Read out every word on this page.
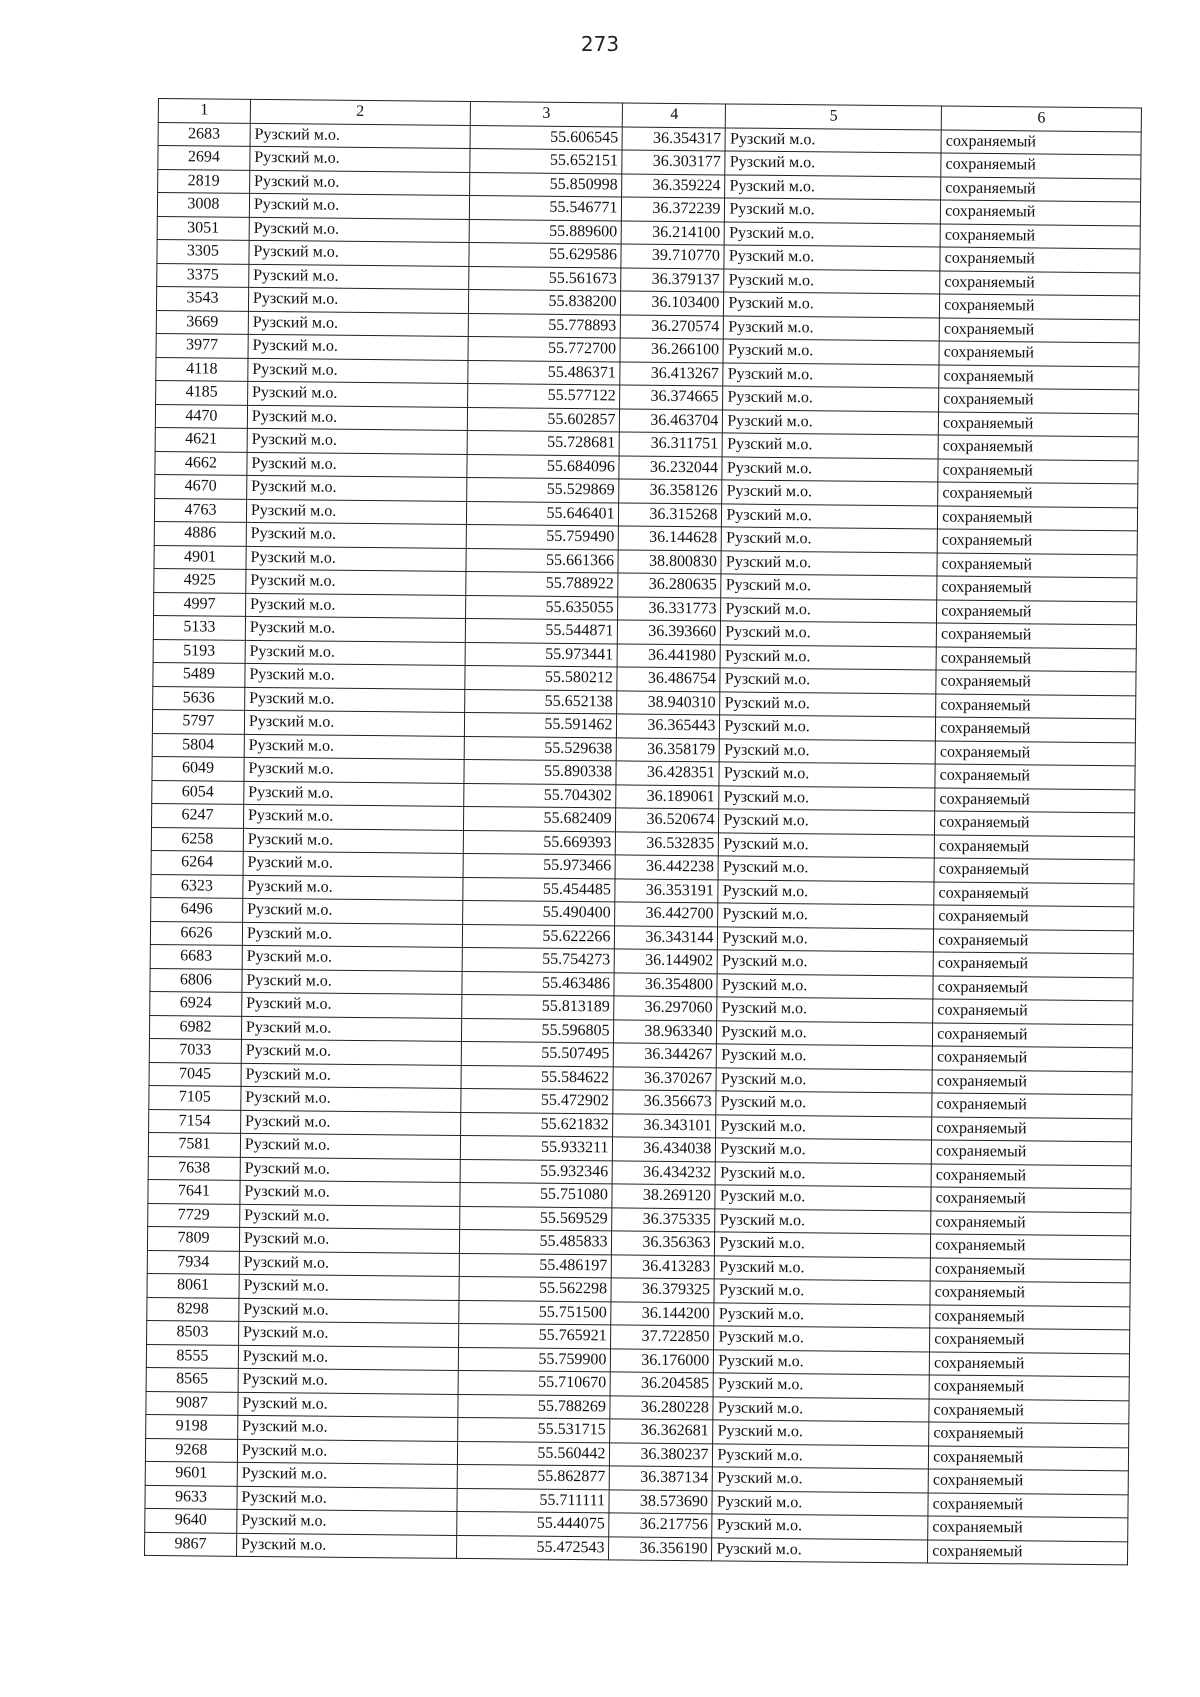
273
1	2	3	4	5	6
2683	Рузский м.о.	55.606545	36.354317	Рузский м.о.	сохраняемый
2694	Рузский м.о.	55.652151	36.303177	Рузский м.о.	сохраняемый
2819	Рузский м.о.	55.850998	36.359224	Рузский м.о.	сохраняемый
3008	Рузский м.о.	55.546771	36.372239	Рузский м.о.	сохраняемый
3051	Рузский м.о.	55.889600	36.214100	Рузский м.о.	сохраняемый
3305	Рузский м.о.	55.629586	39.710770	Рузский м.о.	сохраняемый
3375	Рузский м.о.	55.561673	36.379137	Рузский м.о.	сохраняемый
3543	Рузский м.о.	55.838200	36.103400	Рузский м.о.	сохраняемый
3669	Рузский м.о.	55.778893	36.270574	Рузский м.о.	сохраняемый
3977	Рузский м.о.	55.772700	36.266100	Рузский м.о.	сохраняемый
4118	Рузский м.о.	55.486371	36.413267	Рузский м.о.	сохраняемый
4185	Рузский м.о.	55.577122	36.374665	Рузский м.о.	сохраняемый
4470	Рузский м.о.	55.602857	36.463704	Рузский м.о.	сохраняемый
4621	Рузский м.о.	55.728681	36.311751	Рузский м.о.	сохраняемый
4662	Рузский м.о.	55.684096	36.232044	Рузский м.о.	сохраняемый
4670	Рузский м.о.	55.529869	36.358126	Рузский м.о.	сохраняемый
4763	Рузский м.о.	55.646401	36.315268	Рузский м.о.	сохраняемый
4886	Рузский м.о.	55.759490	36.144628	Рузский м.о.	сохраняемый
4901	Рузский м.о.	55.661366	38.800830	Рузский м.о.	сохраняемый
4925	Рузский м.о.	55.788922	36.280635	Рузский м.о.	сохраняемый
4997	Рузский м.о.	55.635055	36.331773	Рузский м.о.	сохраняемый
5133	Рузский м.о.	55.544871	36.393660	Рузский м.о.	сохраняемый
5193	Рузский м.о.	55.973441	36.441980	Рузский м.о.	сохраняемый
5489	Рузский м.о.	55.580212	36.486754	Рузский м.о.	сохраняемый
5636	Рузский м.о.	55.652138	38.940310	Рузский м.о.	сохраняемый
5797	Рузский м.о.	55.591462	36.365443	Рузский м.о.	сохраняемый
5804	Рузский м.о.	55.529638	36.358179	Рузский м.о.	сохраняемый
6049	Рузский м.о.	55.890338	36.428351	Рузский м.о.	сохраняемый
6054	Рузский м.о.	55.704302	36.189061	Рузский м.о.	сохраняемый
6247	Рузский м.о.	55.682409	36.520674	Рузский м.о.	сохраняемый
6258	Рузский м.о.	55.669393	36.532835	Рузский м.о.	сохраняемый
6264	Рузский м.о.	55.973466	36.442238	Рузский м.о.	сохраняемый
6323	Рузский м.о.	55.454485	36.353191	Рузский м.о.	сохраняемый
6496	Рузский м.о.	55.490400	36.442700	Рузский м.о.	сохраняемый
6626	Рузский м.о.	55.622266	36.343144	Рузский м.о.	сохраняемый
6683	Рузский м.о.	55.754273	36.144902	Рузский м.о.	сохраняемый
6806	Рузский м.о.	55.463486	36.354800	Рузский м.о.	сохраняемый
6924	Рузский м.о.	55.813189	36.297060	Рузский м.о.	сохраняемый
6982	Рузский м.о.	55.596805	38.963340	Рузский м.о.	сохраняемый
7033	Рузский м.о.	55.507495	36.344267	Рузский м.о.	сохраняемый
7045	Рузский м.о.	55.584622	36.370267	Рузский м.о.	сохраняемый
7105	Рузский м.о.	55.472902	36.356673	Рузский м.о.	сохраняемый
7154	Рузский м.о.	55.621832	36.343101	Рузский м.о.	сохраняемый
7581	Рузский м.о.	55.933211	36.434038	Рузский м.о.	сохраняемый
7638	Рузский м.о.	55.932346	36.434232	Рузский м.о.	сохраняемый
7641	Рузский м.о.	55.751080	38.269120	Рузский м.о.	сохраняемый
7729	Рузский м.о.	55.569529	36.375335	Рузский м.о.	сохраняемый
7809	Рузский м.о.	55.485833	36.356363	Рузский м.о.	сохраняемый
7934	Рузский м.о.	55.486197	36.413283	Рузский м.о.	сохраняемый
8061	Рузский м.о.	55.562298	36.379325	Рузский м.о.	сохраняемый
8298	Рузский м.о.	55.751500	36.144200	Рузский м.о.	сохраняемый
8503	Рузский м.о.	55.765921	37.722850	Рузский м.о.	сохраняемый
8555	Рузский м.о.	55.759900	36.176000	Рузский м.о.	сохраняемый
8565	Рузский м.о.	55.710670	36.204585	Рузский м.о.	сохраняемый
9087	Рузский м.о.	55.788269	36.280228	Рузский м.о.	сохраняемый
9198	Рузский м.о.	55.531715	36.362681	Рузский м.о.	сохраняемый
9268	Рузский м.о.	55.560442	36.380237	Рузский м.о.	сохраняемый
9601	Рузский м.о.	55.862877	36.387134	Рузский м.о.	сохраняемый
9633	Рузский м.о.	55.711111	38.573690	Рузский м.о.	сохраняемый
9640	Рузский м.о.	55.444075	36.217756	Рузский м.о.	сохраняемый
9867	Рузский м.о.	55.472543	36.356190	Рузский м.о.	сохраняемый
